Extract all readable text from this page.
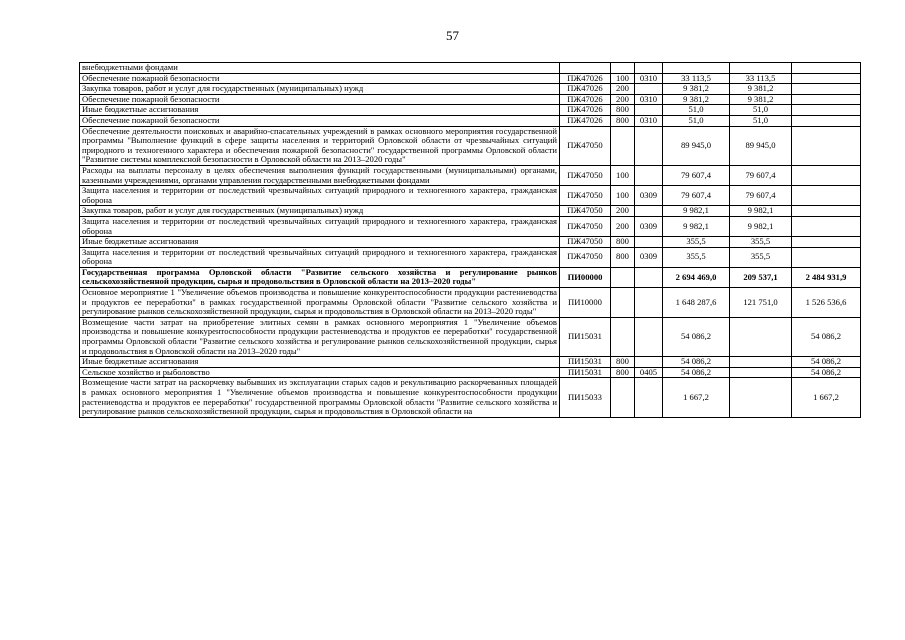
57
внебюджетными фондами						
Обеспечение пожарной безопасности	ПЖ47026	100	0310	33 113,5	33 113,5	
Закупка товаров, работ и услуг для государственных (муниципальных) нужд	ПЖ47026	200		9 381,2	9 381,2	
Обеспечение пожарной безопасности	ПЖ47026	200	0310	9 381,2	9 381,2	
Иные бюджетные ассигнования	ПЖ47026	800		51,0	51,0	
Обеспечение пожарной безопасности	ПЖ47026	800	0310	51,0	51,0	
Обеспечение деятельности поисковых и аварийно-спасательных учреждений в рамках основного мероприятия государственной программы "Выполнение функций в сфере защиты населения и территорий Орловской области от чрезвычайных ситуаций природного и техногенного характера и обеспечения пожарной безопасности" государственной программы Орловской области "Развитие системы комплексной безопасности в Орловской области на 2013–2020 годы"	ПЖ47050			89 945,0	89 945,0	
Расходы на выплаты персоналу в целях обеспечения выполнения функций государственными (муниципальными) органами, казенными учреждениями, органами управления государственными внебюджетными фондами	ПЖ47050	100		79 607,4	79 607,4	
Защита населения и территории от последствий чрезвычайных ситуаций природного и техногенного характера, гражданская оборона	ПЖ47050	100	0309	79 607,4	79 607,4	
Закупка товаров, работ и услуг для государственных (муниципальных) нужд	ПЖ47050	200		9 982,1	9 982,1	
Защита населения и территории от последствий чрезвычайных ситуаций природного и техногенного характера, гражданская оборона	ПЖ47050	200	0309	9 982,1	9 982,1	
Иные бюджетные ассигнования	ПЖ47050	800		355,5	355,5	
Защита населения и территории от последствий чрезвычайных ситуаций природного и техногенного характера, гражданская оборона	ПЖ47050	800	0309	355,5	355,5	
Государственная программа Орловской области "Развитие сельского хозяйства и регулирование рынков сельскохозяйственной продукции, сырья и продовольствия в Орловской области на 2013–2020 годы"	ПИ00000			2 694 469,0	209 537,1	2 484 931,9
Основное мероприятие 1 "Увеличение объемов производства и повышение конкурентоспособности продукции растениеводства и продуктов ее переработки" в рамках государственной программы Орловской области "Развитие сельского хозяйства и регулирование рынков сельскохозяйственной продукции, сырья и продовольствия в Орловской области на 2013–2020 годы"	ПИ10000			1 648 287,6	121 751,0	1 526 536,6
Возмещение части затрат на приобретение элитных семян в рамках основного мероприятия 1 "Увеличение объемов производства и повышение конкурентоспособности продукции растениеводства и продуктов ее переработки" государственной программы Орловской области "Развитие сельского хозяйства и регулирование рынков сельскохозяйственной продукции, сырья и продовольствия в Орловской области на 2013–2020 годы"	ПИ15031			54 086,2		54 086,2
Иные бюджетные ассигнования	ПИ15031	800		54 086,2		54 086,2
Сельское хозяйство и рыболовство	ПИ15031	800	0405	54 086,2		54 086,2
Возмещение части затрат на раскорчевку выбывших из эксплуатации старых садов и рекультивацию раскорчеванных площадей в рамках основного мероприятия 1 "Увеличение объемов производства и повышение конкурентоспособности продукции растениеводства и продуктов ее переработки" государственной программы Орловской области "Развитие сельского хозяйства и регулирование рынков сельскохозяйственной продукции, сырья и продовольствия в Орловской области на	ПИ15033			1 667,2		1 667,2
